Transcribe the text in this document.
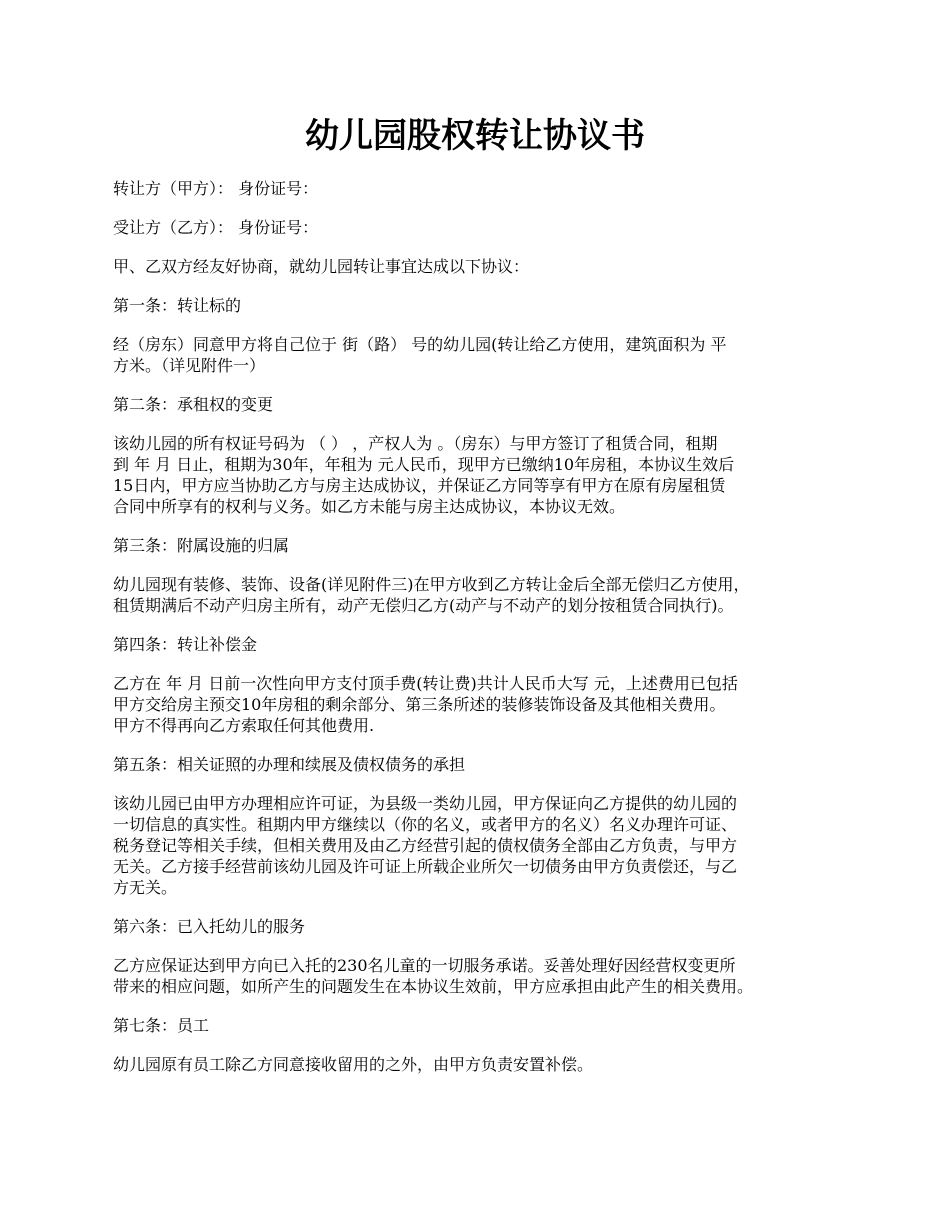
幼儿园股权转让协议书

转让方（甲方）： 身份证号：

受让方（乙方）： 身份证号：

甲、乙双方经友好协商，就幼儿园转让事宜达成以下协议：

第一条：转让标的

经（房东）同意甲方将自己位于 街（路） 号的幼儿园(转让给乙方使用，建筑面积为 平
方米。（详见附件一）

第二条：承租权的变更

该幼儿园的所有权证号码为 （ ） ，产权人为 。（房东）与甲方签订了租赁合同，租期
到 年 月 日止，租期为30年，年租为 元人民币，现甲方已缴纳10年房租，本协议生效后
15日内，甲方应当协助乙方与房主达成协议，并保证乙方同等享有甲方在原有房屋租赁
合同中所享有的权利与义务。如乙方未能与房主达成协议，本协议无效。

第三条：附属设施的归属

幼儿园现有装修、装饰、设备(详见附件三)在甲方收到乙方转让金后全部无偿归乙方使用，
租赁期满后不动产归房主所有，动产无偿归乙方(动产与不动产的划分按租赁合同执行)。

第四条：转让补偿金

乙方在 年 月 日前一次性向甲方支付顶手费(转让费)共计人民币大写 元，上述费用已包括
甲方交给房主预交10年房租的剩余部分、第三条所述的装修装饰设备及其他相关费用。
甲方不得再向乙方索取任何其他费用.

第五条：相关证照的办理和续展及债权债务的承担

该幼儿园已由甲方办理相应许可证，为县级一类幼儿园，甲方保证向乙方提供的幼儿园的
一切信息的真实性。租期内甲方继续以（你的名义，或者甲方的名义）名义办理许可证、
税务登记等相关手续，但相关费用及由乙方经营引起的债权债务全部由乙方负责，与甲方
无关。乙方接手经营前该幼儿园及许可证上所载企业所欠一切债务由甲方负责偿还，与乙
方无关。

第六条：已入托幼儿的服务

乙方应保证达到甲方向已入托的230名儿童的一切服务承诺。妥善处理好因经营权变更所
带来的相应问题，如所产生的问题发生在本协议生效前，甲方应承担由此产生的相关费用。

第七条：员工

幼儿园原有员工除乙方同意接收留用的之外，由甲方负责安置补偿。
